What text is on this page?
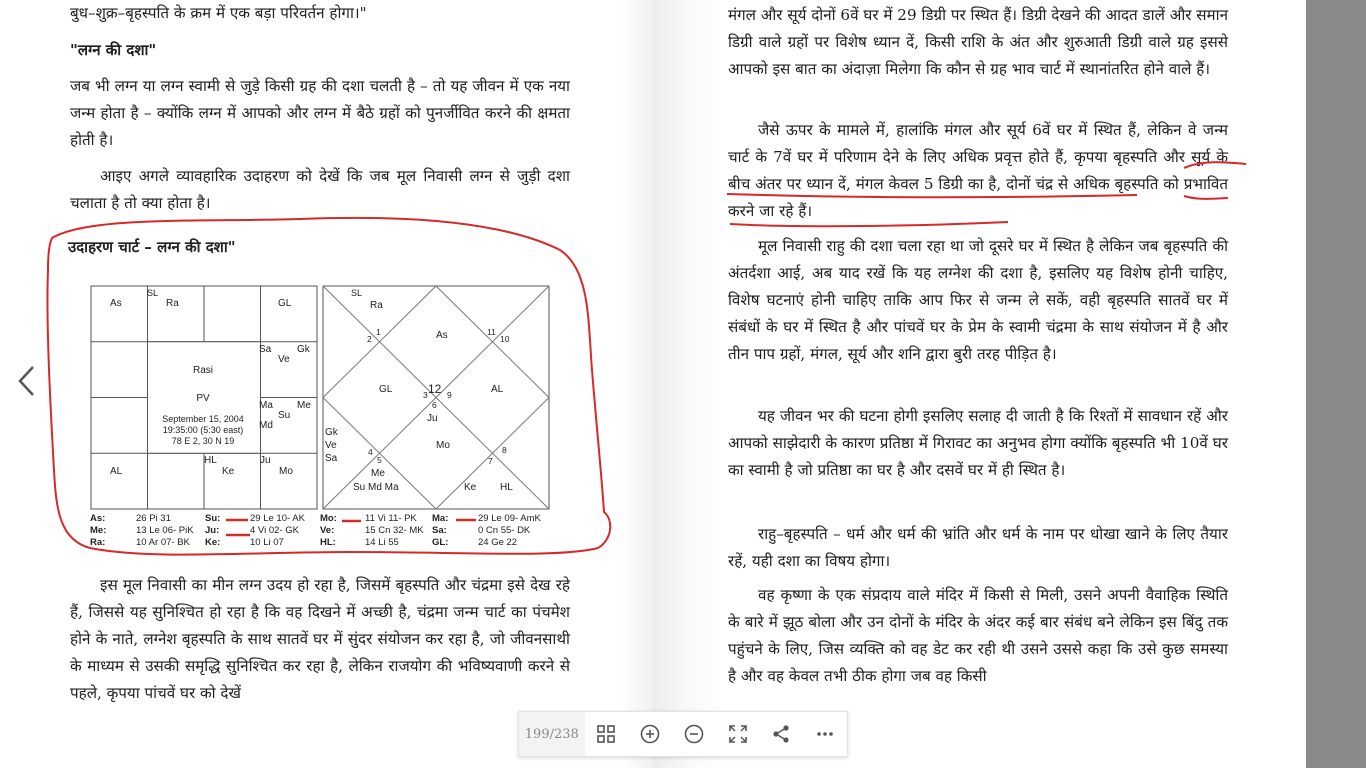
बुध–शुक्र–बृहस्पति के क्रम में एक बड़ा परिवर्तन होगा।"

"लग्न की दशा"

जब भी लग्न या लग्न स्वामी से जुड़े किसी ग्रह की दशा चलती है – तो यह जीवन में एक नया जन्म होता है – क्योंकि लग्न में आपको और लग्न में बैठे ग्रहों को पुनर्जीवित करने की क्षमता होती है।

आइए अगले व्यावहारिक उदाहरण को देखें कि जब मूल निवासी लग्न से जुड़ी दशा चलाता है तो क्या होता है।

उदाहरण चार्ट – लग्न की दशा"
As
SL
Ra	GL
Sa	Gk
Ve
Ma Me
Su
Md
AL
HL
Ke
Ju
Mo
Rasi
PV
September 15, 2004
19:35:00 (5:30 east)
78 E 2, 30 N 19
SL
Ra
1
2	As	11
10
GL	3 12 9	AL
6
Ju
Gk
Ve
Sa
4
5
Mo	8
7
Me
Su Md Ma	Ke HL
As:	26 Pi 31	Su:	29 Le 10- AK Mo:	11 Vi 11- PK Ma:	29 Le 09- AmK
Me:	13 Le 06- PiK Ju:	4 Vi 02- GK Ve:	15 Cn 32- MK Sa:	0 Cn 55- DK
Ra:	10 Ar 07- BK Ke:	10 Li 07	HL:	14 Li 55	GL:	24 Ge 22

इस मूल निवासी का मीन लग्न उदय हो रहा है, जिसमें बृहस्पति और चंद्रमा इसे देख रहे हैं, जिससे यह सुनिश्चित हो रहा है कि वह दिखने में अच्छी है, चंद्रमा जन्म चार्ट का पंचमेश होने के नाते, लग्नेश बृहस्पति के साथ सातवें घर में सुंदर संयोजन कर रहा है, जो जीवनसाथी के माध्यम से उसकी समृद्धि सुनिश्चित कर रहा है, लेकिन राजयोग की भविष्यवाणी करने से पहले, कृपया पांचवें घर को देखें

मंगल और सूर्य दोनों 6वें घर में 29 डिग्री पर स्थित हैं। डिग्री देखने की आदत डालें और समान डिग्री वाले ग्रहों पर विशेष ध्यान दें, किसी राशि के अंत और शुरुआती डिग्री वाले ग्रह इससे आपको इस बात का अंदाज़ा मिलेगा कि कौन से ग्रह भाव चार्ट में स्थानांतरित होने वाले हैं।

जैसे ऊपर के मामले में, हालांकि मंगल और सूर्य 6वें घर में स्थित हैं, लेकिन वे जन्म चार्ट के 7वें घर में परिणाम देने के लिए अधिक प्रवृत्त होते हैं, कृपया बृहस्पति और सूर्य के बीच अंतर पर ध्यान दें, मंगल केवल 5 डिग्री का है, दोनों चंद्र से अधिक बृहस्पति को प्रभावित करने जा रहे हैं।

मूल निवासी राहु की दशा चला रहा था जो दूसरे घर में स्थित है लेकिन जब बृहस्पति की अंतर्दशा आई, अब याद रखें कि यह लग्नेश की दशा है, इसलिए यह विशेष होनी चाहिए, विशेष घटनाएं होनी चाहिए ताकि आप फिर से जन्म ले सकें, वही बृहस्पति सातवें घर में संबंधों के घर में स्थित है और पांचवें घर के प्रेम के स्वामी चंद्रमा के साथ संयोजन में है और तीन पाप ग्रहों, मंगल, सूर्य और शनि द्वारा बुरी तरह पीड़ित है।

यह जीवन भर की घटना होगी इसलिए सलाह दी जाती है कि रिश्तों में सावधान रहें और आपको साझेदारी के कारण प्रतिष्ठा में गिरावट का अनुभव होगा क्योंकि बृहस्पति भी 10वें घर का स्वामी है जो प्रतिष्ठा का घर है और दसवें घर में ही स्थित है।

राहु–बृहस्पति – धर्म और धर्म की भ्रांति और धर्म के नाम पर धोखा खाने के लिए तैयार रहें, यही दशा का विषय होगा।

वह कृष्णा के एक संप्रदाय वाले मंदिर में किसी से मिली, उसने अपनी वैवाहिक स्थिति के बारे में झूठ बोला और उन दोनों के मंदिर के अंदर कई बार संबंध बने लेकिन इस बिंदु तक पहुंचने के लिए, जिस व्यक्ति को वह डेट कर रही थी उसने उससे कहा कि उसे कुछ समस्या है और वह केवल तभी ठीक होगा जब वह किसी

199/238
